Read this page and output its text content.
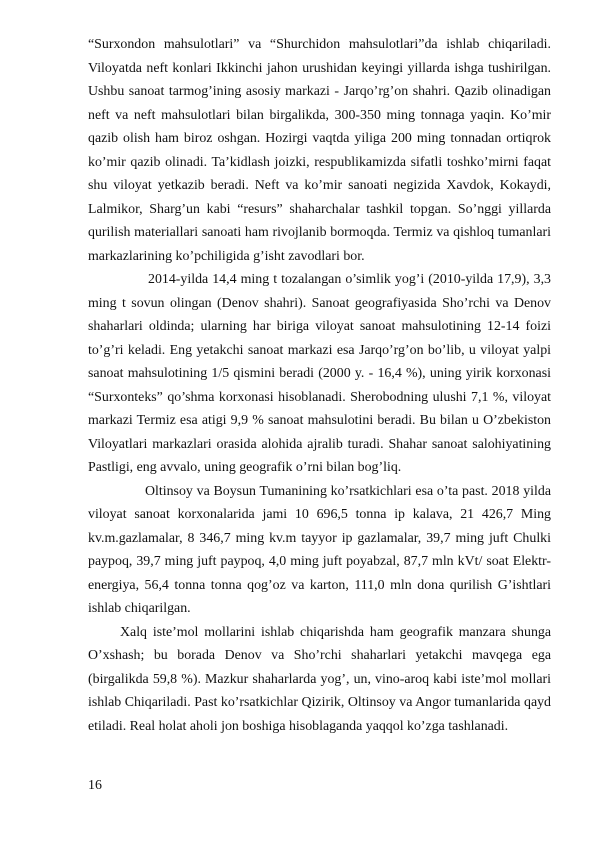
“Surxondon mahsulotlari” va “Shurchidon mahsulotlari”da ishlab chiqariladi. Viloyatda neft konlari Ikkinchi jahon urushidan keyingi yillarda ishga tushirilgan. Ushbu sanoat tarmog’ining asosiy markazi - Jarqo’rg’on shahri. Qazib olinadigan neft va neft mahsulotlari bilan birgalikda, 300-350 ming tonnaga yaqin. Ko’mir qazib olish ham biroz oshgan. Hozirgi vaqtda yiliga 200 ming tonnadan ortiqrok ko’mir qazib olinadi. Ta’kidlash joizki, respublikamizda sifatli toshko’mirni faqat shu viloyat yetkazib beradi. Neft va ko’mir sanoati negizida Xavdok, Kokaydi, Lalmikor, Sharg’un kabi “resurs” shaharchalar tashkil topgan. So’nggi yillarda qurilish materiallari sanoati ham rivojlanib bormoqda. Termiz va qishloq tumanlari markazlarining ko’pchiligida g’isht zavodlari bor.

2014-yilda 14,4 ming t tozalangan o’simlik yog’i (2010-yilda 17,9), 3,3 ming t sovun olingan (Denov shahri). Sanoat geografiyasida Sho’rchi va Denov shaharlari oldinda; ularning har biriga viloyat sanoat mahsulotining 12-14 foizi to’g’ri keladi. Eng yetakchi sanoat markazi esa Jarqo’rg’on bo’lib, u viloyat yalpi sanoat mahsulotining 1/5 qismini beradi (2000 y. - 16,4 %), uning yirik korxonasi “Surxonteks” qo’shma korxonasi hisoblanadi. Sherobodning ulushi 7,1 %, viloyat markazi Termiz esa atigi 9,9 % sanoat mahsulotini beradi. Bu bilan u O’zbekiston Viloyatlari markazlari orasida alohida ajralib turadi. Shahar sanoat salohiyatining Pastligi, eng avvalo, uning geografik o’rni bilan bog’liq.

Oltinsoy va Boysun Tumanining ko’rsatkichlari esa o’ta past. 2018 yilda viloyat sanoat korxonalarida jami 10 696,5 tonna ip kalava, 21 426,7 Ming kv.m.gazlamalar, 8 346,7 ming kv.m tayyor ip gazlamalar, 39,7 ming juft Chulki paypoq, 39,7 ming juft paypoq, 4,0 ming juft poyabzal, 87,7 mln kVt/ soat Elektr-energiya, 56,4 tonna tonna qog’oz va karton, 111,0 mln dona qurilish G’ishtlari ishlab chiqarilgan.

Xalq iste’mol mollarini ishlab chiqarishda ham geografik manzara shunga O’xshash; bu borada Denov va Sho’rchi shaharlari yetakchi mavqega ega (birgalikda 59,8 %). Mazkur shaharlarda yog’, un, vino-aroq kabi iste’mol mollari ishlab Chiqariladi. Past ko’rsatkichlar Qizirik, Oltinsoy va Angor tumanlarida qayd etiladi. Real holat aholi jon boshiga hisoblaganda yaqqol ko’zga tashlanadi.

16
